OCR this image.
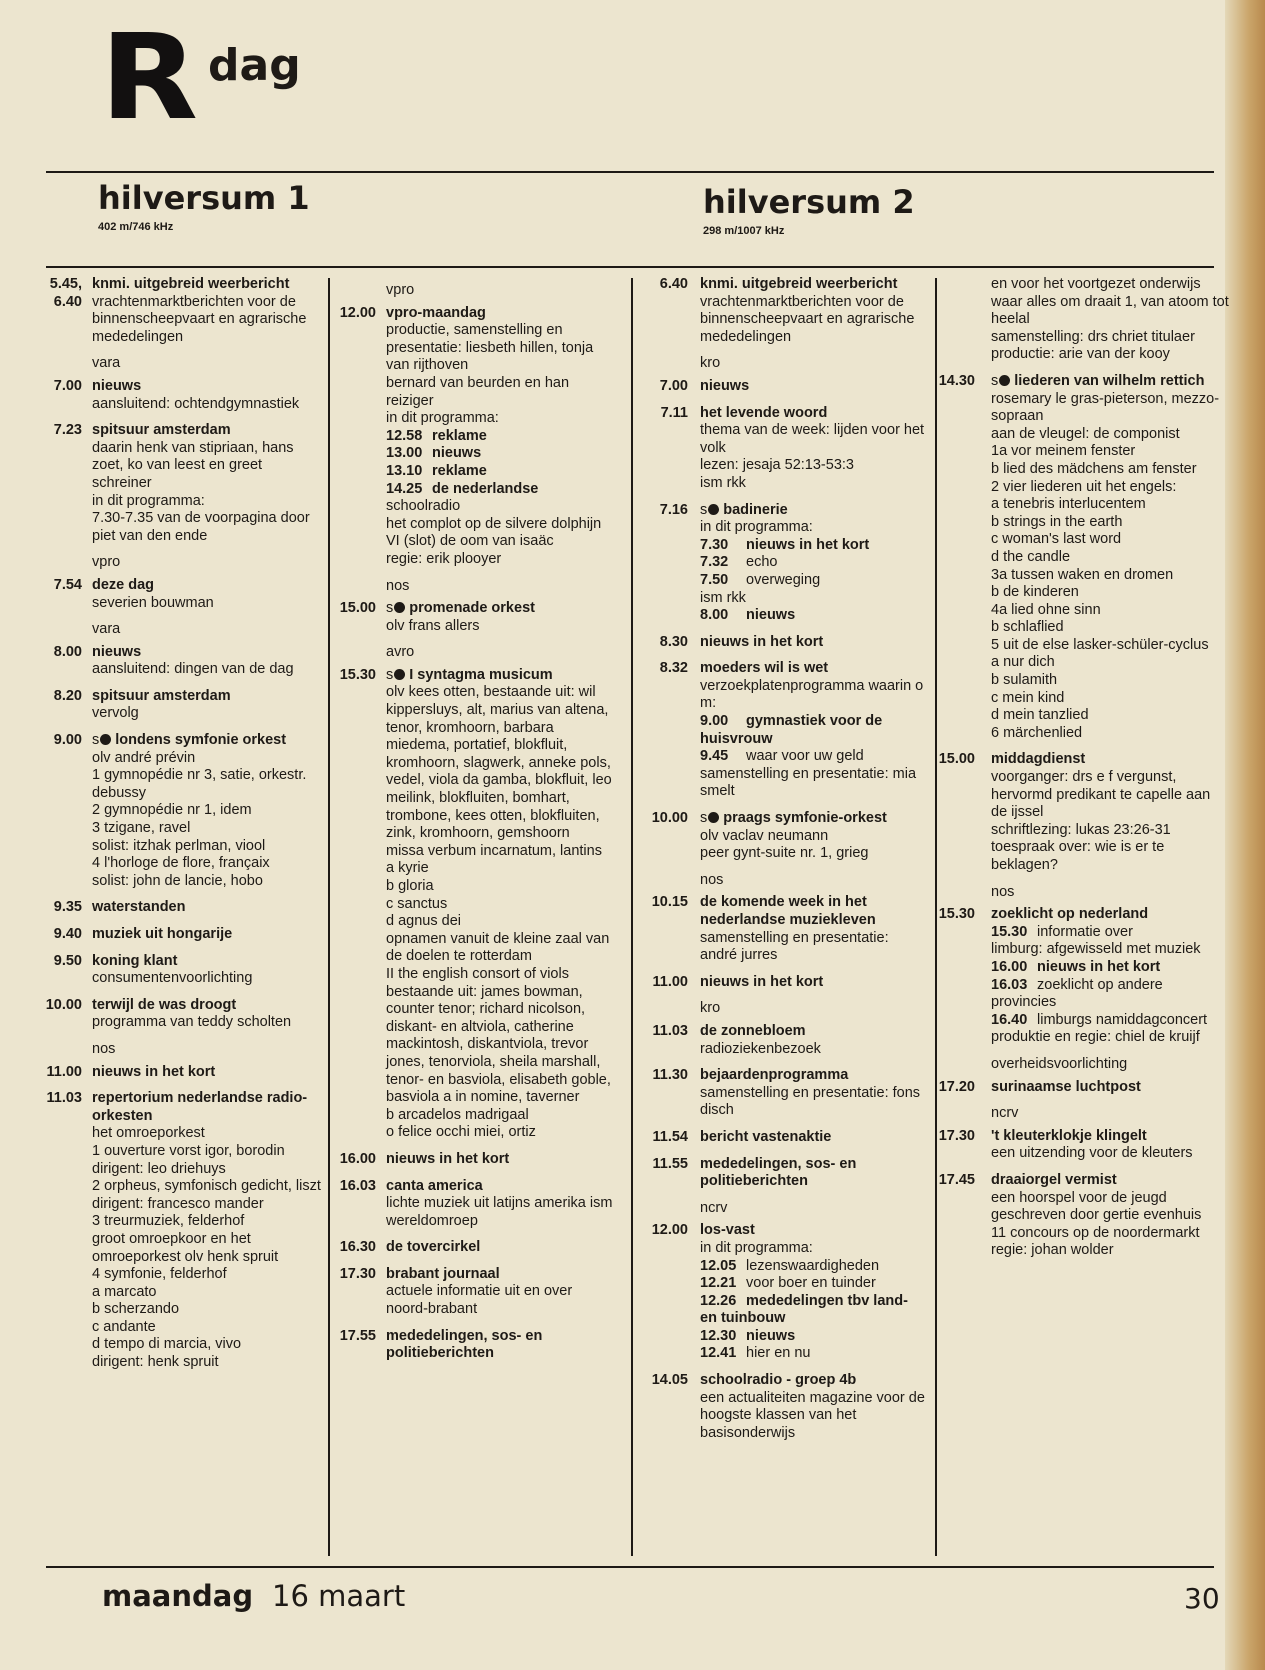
R dag
hilversum 1
402 m/746 kHz
hilversum 2
298 m/1007 kHz
5.45, 6.40
knmi. uitgebreid weerbericht
vrachtenmarktberichten voor de binnenscheepvaart en agrarische mededelingen
vara
7.00 nieuws
aansluitend: ochtendgymnastiek
7.23 spitsuur amsterdam
daarin henk van stipriaan, hans zoet, ko van leest en greet schreiner
in dit programma:
7.30-7.35 van de voorpagina door piet van den ende
vpro
7.54 deze dag
severien bouwman
vara
8.00 nieuws
aansluitend: dingen van de dag
8.20 spitsuur amsterdam
vervolg
9.00 s londens symfonie orkest
olv andré prévin
1 gymnopédie nr 3, satie, orkestr. debussy
2 gymnopédie nr 1, idem
3 tzigane, ravel
solist: itzhak perlman, viool
4 l'horloge de flore, françaix
solist: john de lancie, hobo
9.35 waterstanden
9.40 muziek uit hongarije
9.50 koning klant
consumentenvoorlichting
10.00 terwijl de was droogt
programma van teddy scholten
nos
11.00 nieuws in het kort
11.03 repertorium nederlandse radio-orkesten
het omroeporkest
1 ouverture vorst igor, borodin
dirigent: leo driehuys
2 orpheus, symfonisch gedicht, liszt
dirigent: francesco mander
3 treurmuziek, felderhof
groot omroepkoor en het omroeporkest olv henk spruit
4 symfonie, felderhof
a marcato
b scherzando
c andante
d tempo di marcia, vivo
dirigent: henk spruit
vpro
12.00 vpro-maandag
productie, samenstelling en presentatie: liesbeth hillen, tonja van rijthoven
bernard van beurden en han reiziger
in dit programma:
12.58 reklame
13.00 nieuws
13.10 reklame
14.25 de nederlandse
schoolradio
het complot op de silvere dolphijn
VI (slot) de oom van isaäc
regie: erik plooyer
nos
15.00 s promenade orkest
olv frans allers
avro
15.30 s I syntagma musicum
olv kees otten, bestaande uit: wil kippersluys, alt, marius van altena, tenor, kromhoorn, barbara miedema, portatief, blokfluit, kromhoorn, slagwerk, anneke pols, vedel, viola da gamba, blokfluit, leo meilink, blokfluiten, bomhart, trombone, kees otten, blokfluiten, zink, kromhoorn, gemshoorn
missa verbum incarnatum, lantins
a kyrie
b gloria
c sanctus
d agnus dei
opnamen vanuit de kleine zaal van de doelen te rotterdam
II the english consort of viols
bestaande uit: james bowman, counter tenor; richard nicolson, diskant- en altviola, catherine mackintosh, diskantviola, trevor jones, tenorviola, sheila marshall, tenor- en basviola, elisabeth goble, basviola a in nomine, taverner
b arcadelos madrigaal
o felice occhi miei, ortiz
16.00 nieuws in het kort
16.03 canta america
lichte muziek uit latijns amerika ism wereldomroep
16.30 de tovercirkel
17.30 brabant journaal
actuele informatie uit en over noord-brabant
17.55 mededelingen, sos- en politieberichten
6.40 knmi. uitgebreid weerbericht
vrachtenmarktberichten voor de binnenscheepvaart en agrarische mededelingen
kro
7.00 nieuws
7.11 het levende woord
thema van de week: lijden voor het volk
lezen: jesaja 52:13-53:3
ism rkk
7.16 s badinerie
in dit programma:
7.30 nieuws in het kort
7.32 echo
7.50 overweging
ism rkk
8.00 nieuws
8.30 nieuws in het kort
8.32 moeders wil is wet
verzoekplatenprogramma waarin o m:
9.00 gymnastiek voor de huisvrouw
9.45 waar voor uw geld
samenstelling en presentatie: mia smelt
10.00 s praags symfonie-orkest
olv vaclav neumann
peer gynt-suite nr. 1, grieg
nos
10.15 de komende week in het nederlandse muziekleven
samenstelling en presentatie: andré jurres
11.00 nieuws in het kort
kro
11.03 de zonnebloem
radioziekenbezoek
11.30 bejaardenprogramma
samenstelling en presentatie: fons disch
11.54 bericht vastenaktie
11.55 mededelingen, sos- en politieberichten
ncrv
12.00 los-vast
in dit programma:
12.05 lezenswaardigheden
12.21 voor boer en tuinder
12.26 mededelingen tbv land- en tuinbouw
12.30 nieuws
12.41 hier en nu
14.05 schoolradio - groep 4b
een actualiteiten magazine voor de hoogste klassen van het basisonderwijs
en voor het voortgezet onderwijs
waar alles om draait 1, van atoom tot heelal
samenstelling: drs chriet titulaer
productie: arie van der kooy
14.30 s liederen van wilhelm rettich
rosemary le gras-pieterson, mezzo-sopraan
aan de vleugel: de componist
1a vor meinem fenster
b lied des mädchens am fenster
2 vier liederen uit het engels:
a tenebris interlucentem
b strings in the earth
c woman's last word
d the candle
3a tussen waken en dromen
b de kinderen
4a lied ohne sinn
b schlaflied
5 uit de else lasker-schüler-cyclus
a nur dich
b sulamith
c mein kind
d mein tanzlied
6 märchenlied
15.00 middagdienst
voorganger: drs e f vergunst, hervormd predikant te capelle aan de ijssel
schriftlezing: lukas 23:26-31
toespraak over: wie is er te beklagen?
nos
15.30 zoeklicht op nederland
15.30 informatie over
limburg: afgewisseld met muziek
16.00 nieuws in het kort
16.03 zoeklicht op andere provincies
16.40 limburgs namiddagconcert
produktie en regie: chiel de kruijf
overheidsvoorlichting
17.20 surinaamse luchtpost
ncrv
17.30 't kleuterklokje klingelt
een uitzending voor de kleuters
17.45 draaiorgel vermist
een hoorspel voor de jeugd
geschreven door gertie evenhuis
11 concours op de noordermarkt
regie: johan wolder
maandag 16 maart	30
